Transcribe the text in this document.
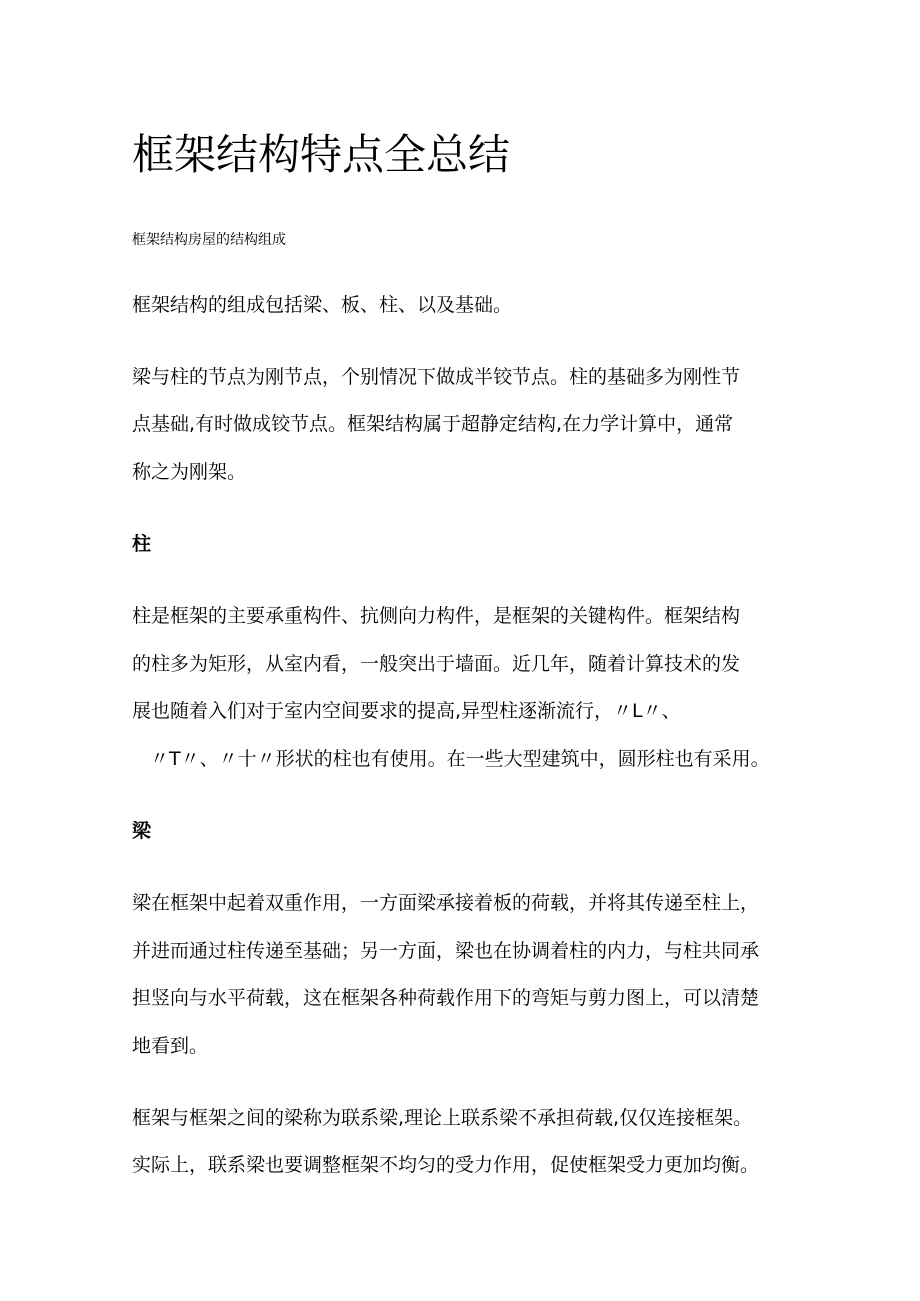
框架结构特点全总结

框架结构房屋的结构组成

框架结构的组成包括梁、板、柱、以及基础。

梁与柱的节点为刚节点，个别情况下做成半铰节点。柱的基础多为刚性节

点基础,有时做成铰节点。框架结构属于超静定结构,在力学计算中，通常

称之为刚架。

柱

柱是框架的主要承重构件、抗侧向力构件，是框架的关键构件。框架结构

的柱多为矩形，从室内看，一般突出于墙面。近几年，随着计算技术的发

展也随着入们对于室内空间要求的提高,异型柱逐渐流行，〃L〃、

〃T〃、〃十〃形状的柱也有使用。在一些大型建筑中，圆形柱也有采用。

梁

梁在框架中起着双重作用，一方面梁承接着板的荷载，并将其传递至柱上，

并进而通过柱传递至基础；另一方面，梁也在协调着柱的内力，与柱共同承

担竖向与水平荷载，这在框架各种荷载作用下的弯矩与剪力图上，可以清楚

地看到。

框架与框架之间的梁称为联系梁,理论上联系梁不承担荷载,仅仅连接框架。

实际上，联系梁也要调整框架不均匀的受力作用，促使框架受力更加均衡。
